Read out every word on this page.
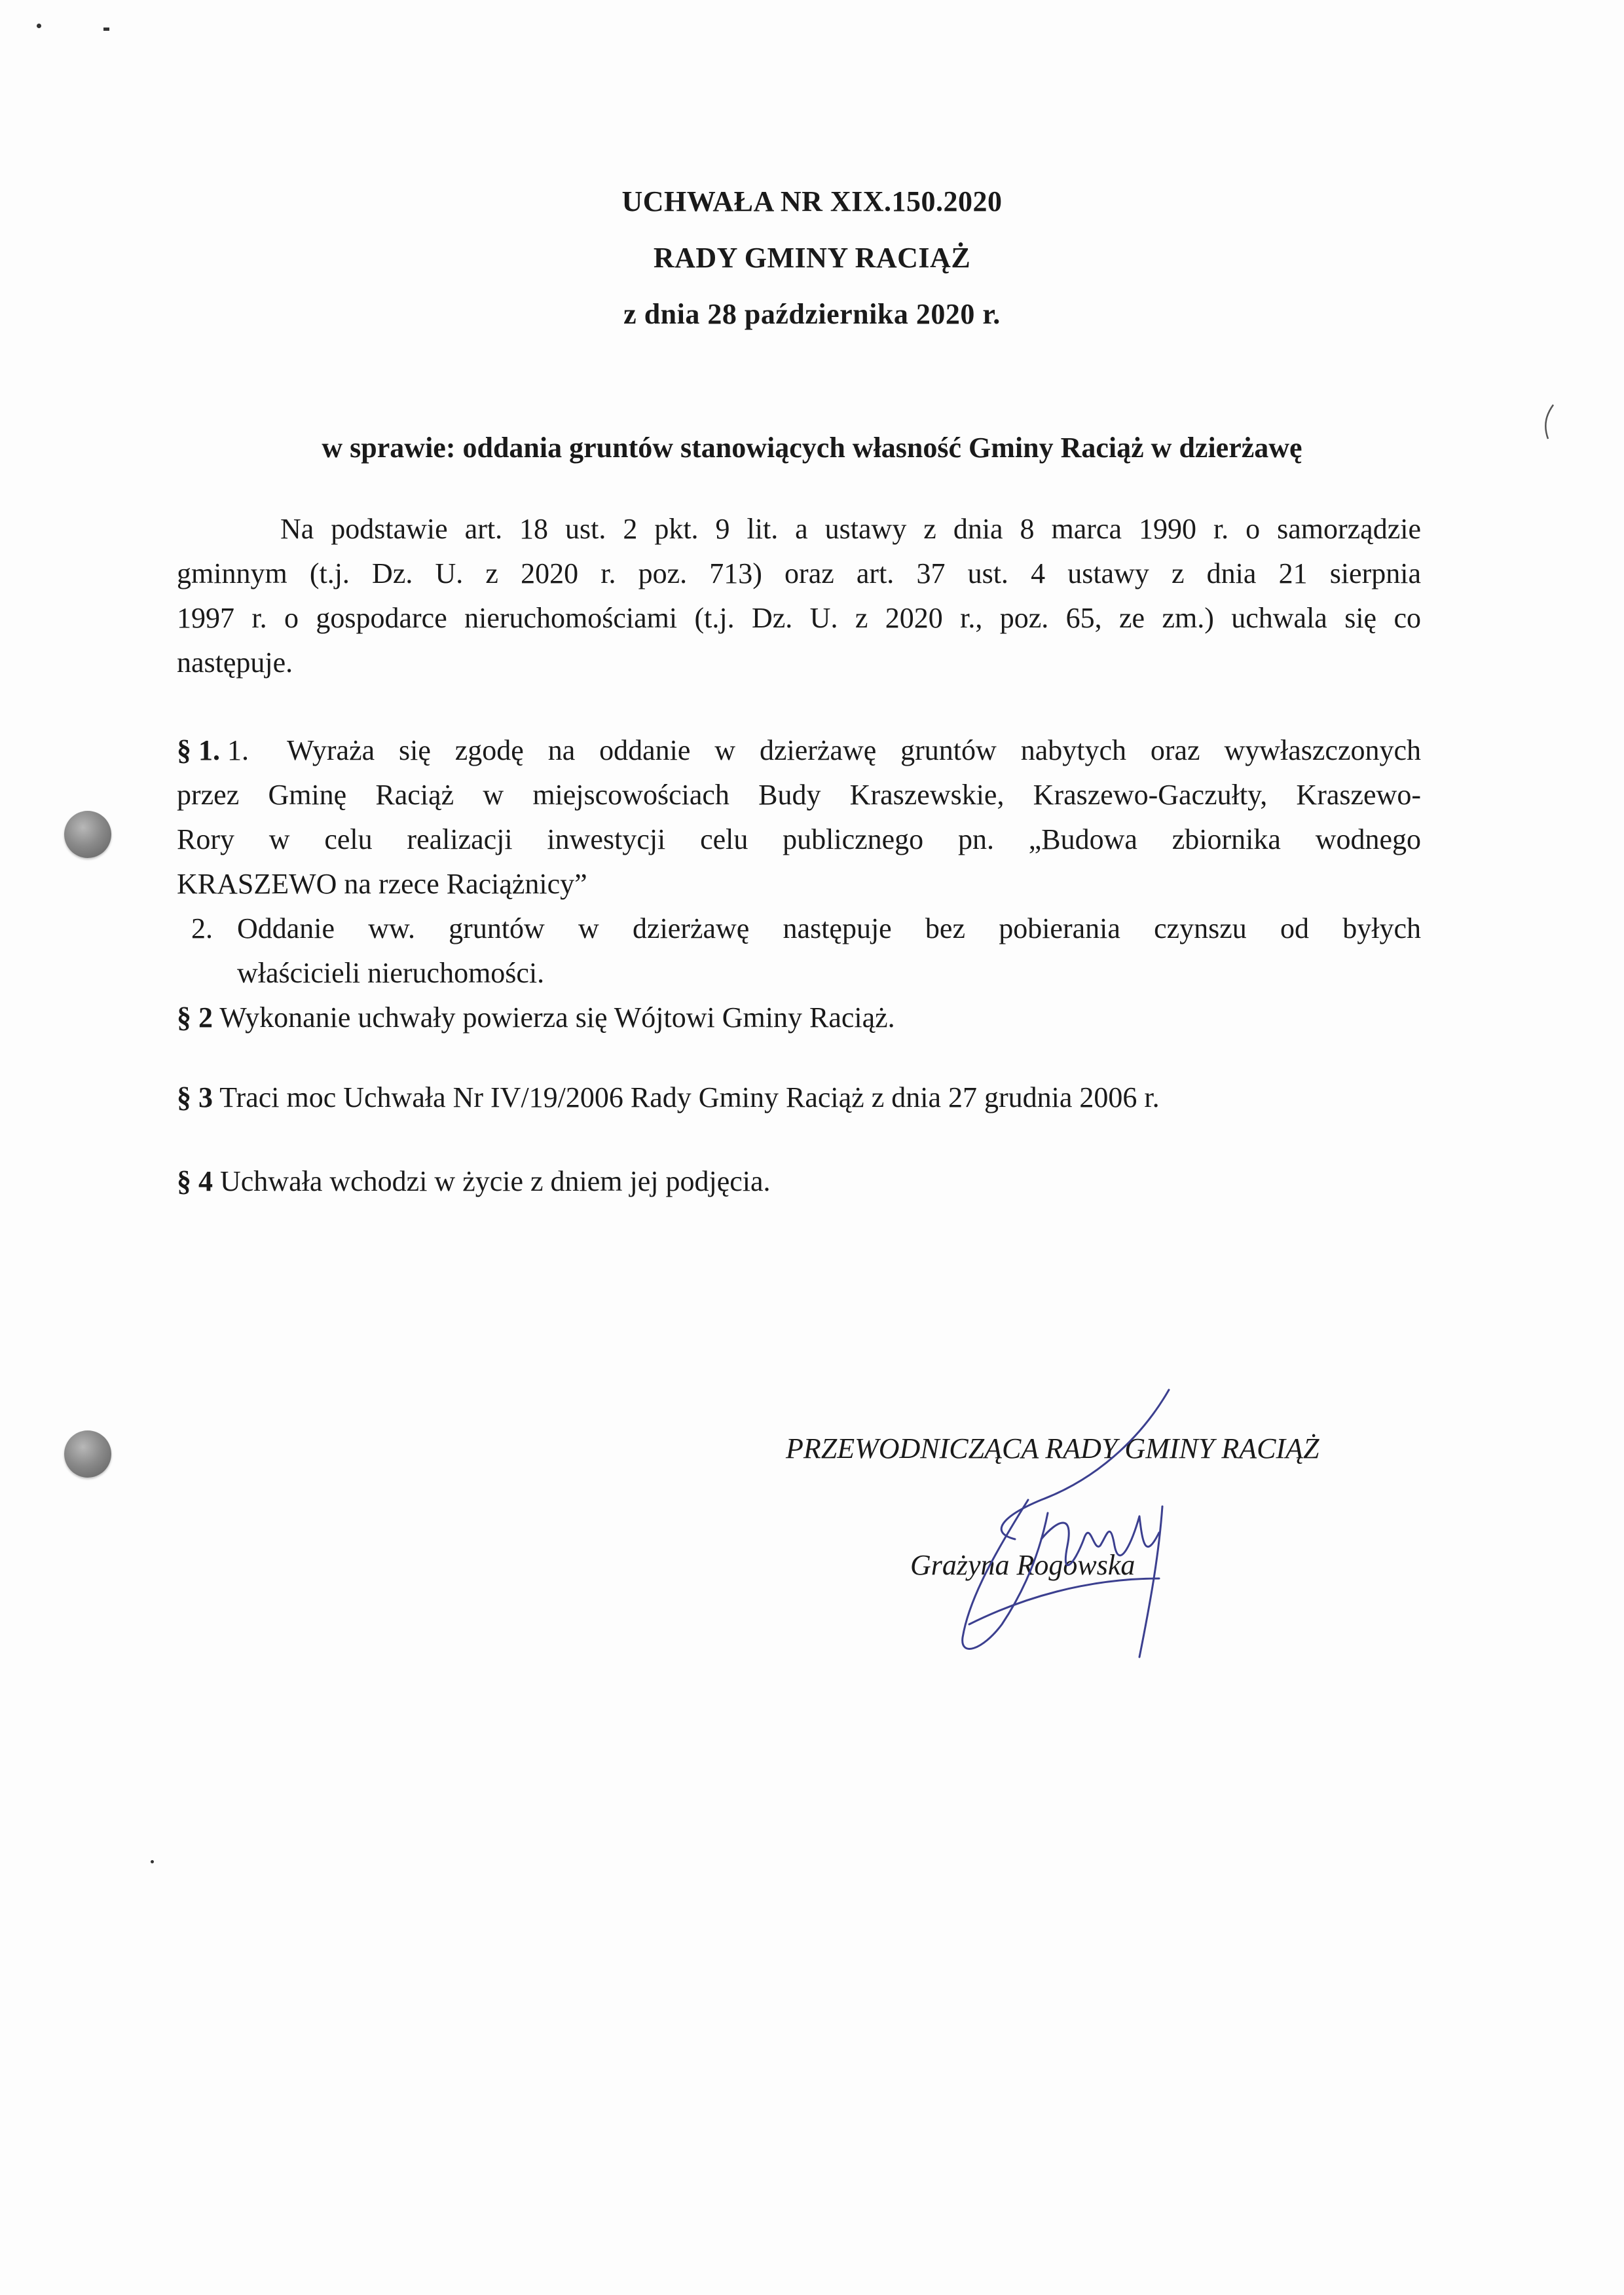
UCHWAŁA NR XIX.150.2020
RADY GMINY RACIĄŻ
z dnia 28 października 2020 r.
w sprawie: oddania gruntów stanowiących własność Gminy Raciąż w dzierżawę
Na podstawie art. 18 ust. 2 pkt. 9 lit. a ustawy z dnia 8 marca 1990 r. o samorządzie
gminnym (t.j. Dz. U. z 2020 r. poz. 713) oraz art. 37 ust. 4 ustawy z dnia 21 sierpnia
1997 r. o gospodarce nieruchomościami (t.j. Dz. U. z 2020 r., poz. 65, ze zm.) uchwala się co
następuje.
§ 1. 1.	Wyraża się zgodę na oddanie w dzierżawę gruntów nabytych oraz wywłaszczonych
przez Gminę Raciąż w miejscowościach Budy Kraszewskie, Kraszewo-Gaczułty, Kraszewo-
Rory w celu realizacji inwestycji celu publicznego pn. „Budowa zbiornika wodnego
KRASZEWO na rzece Raciążnicy”
2. Oddanie ww. gruntów w dzierżawę następuje bez pobierania czynszu od byłych
właścicieli nieruchomości.
§ 2 Wykonanie uchwały powierza się Wójtowi Gminy Raciąż.
§ 3 Traci moc Uchwała Nr IV/19/2006 Rady Gminy Raciąż z dnia 27 grudnia 2006 r.
§ 4 Uchwała wchodzi w życie z dniem jej podjęcia.
PRZEWODNICZĄCA RADY GMINY RACIĄŻ
Grażyna Rogowska
